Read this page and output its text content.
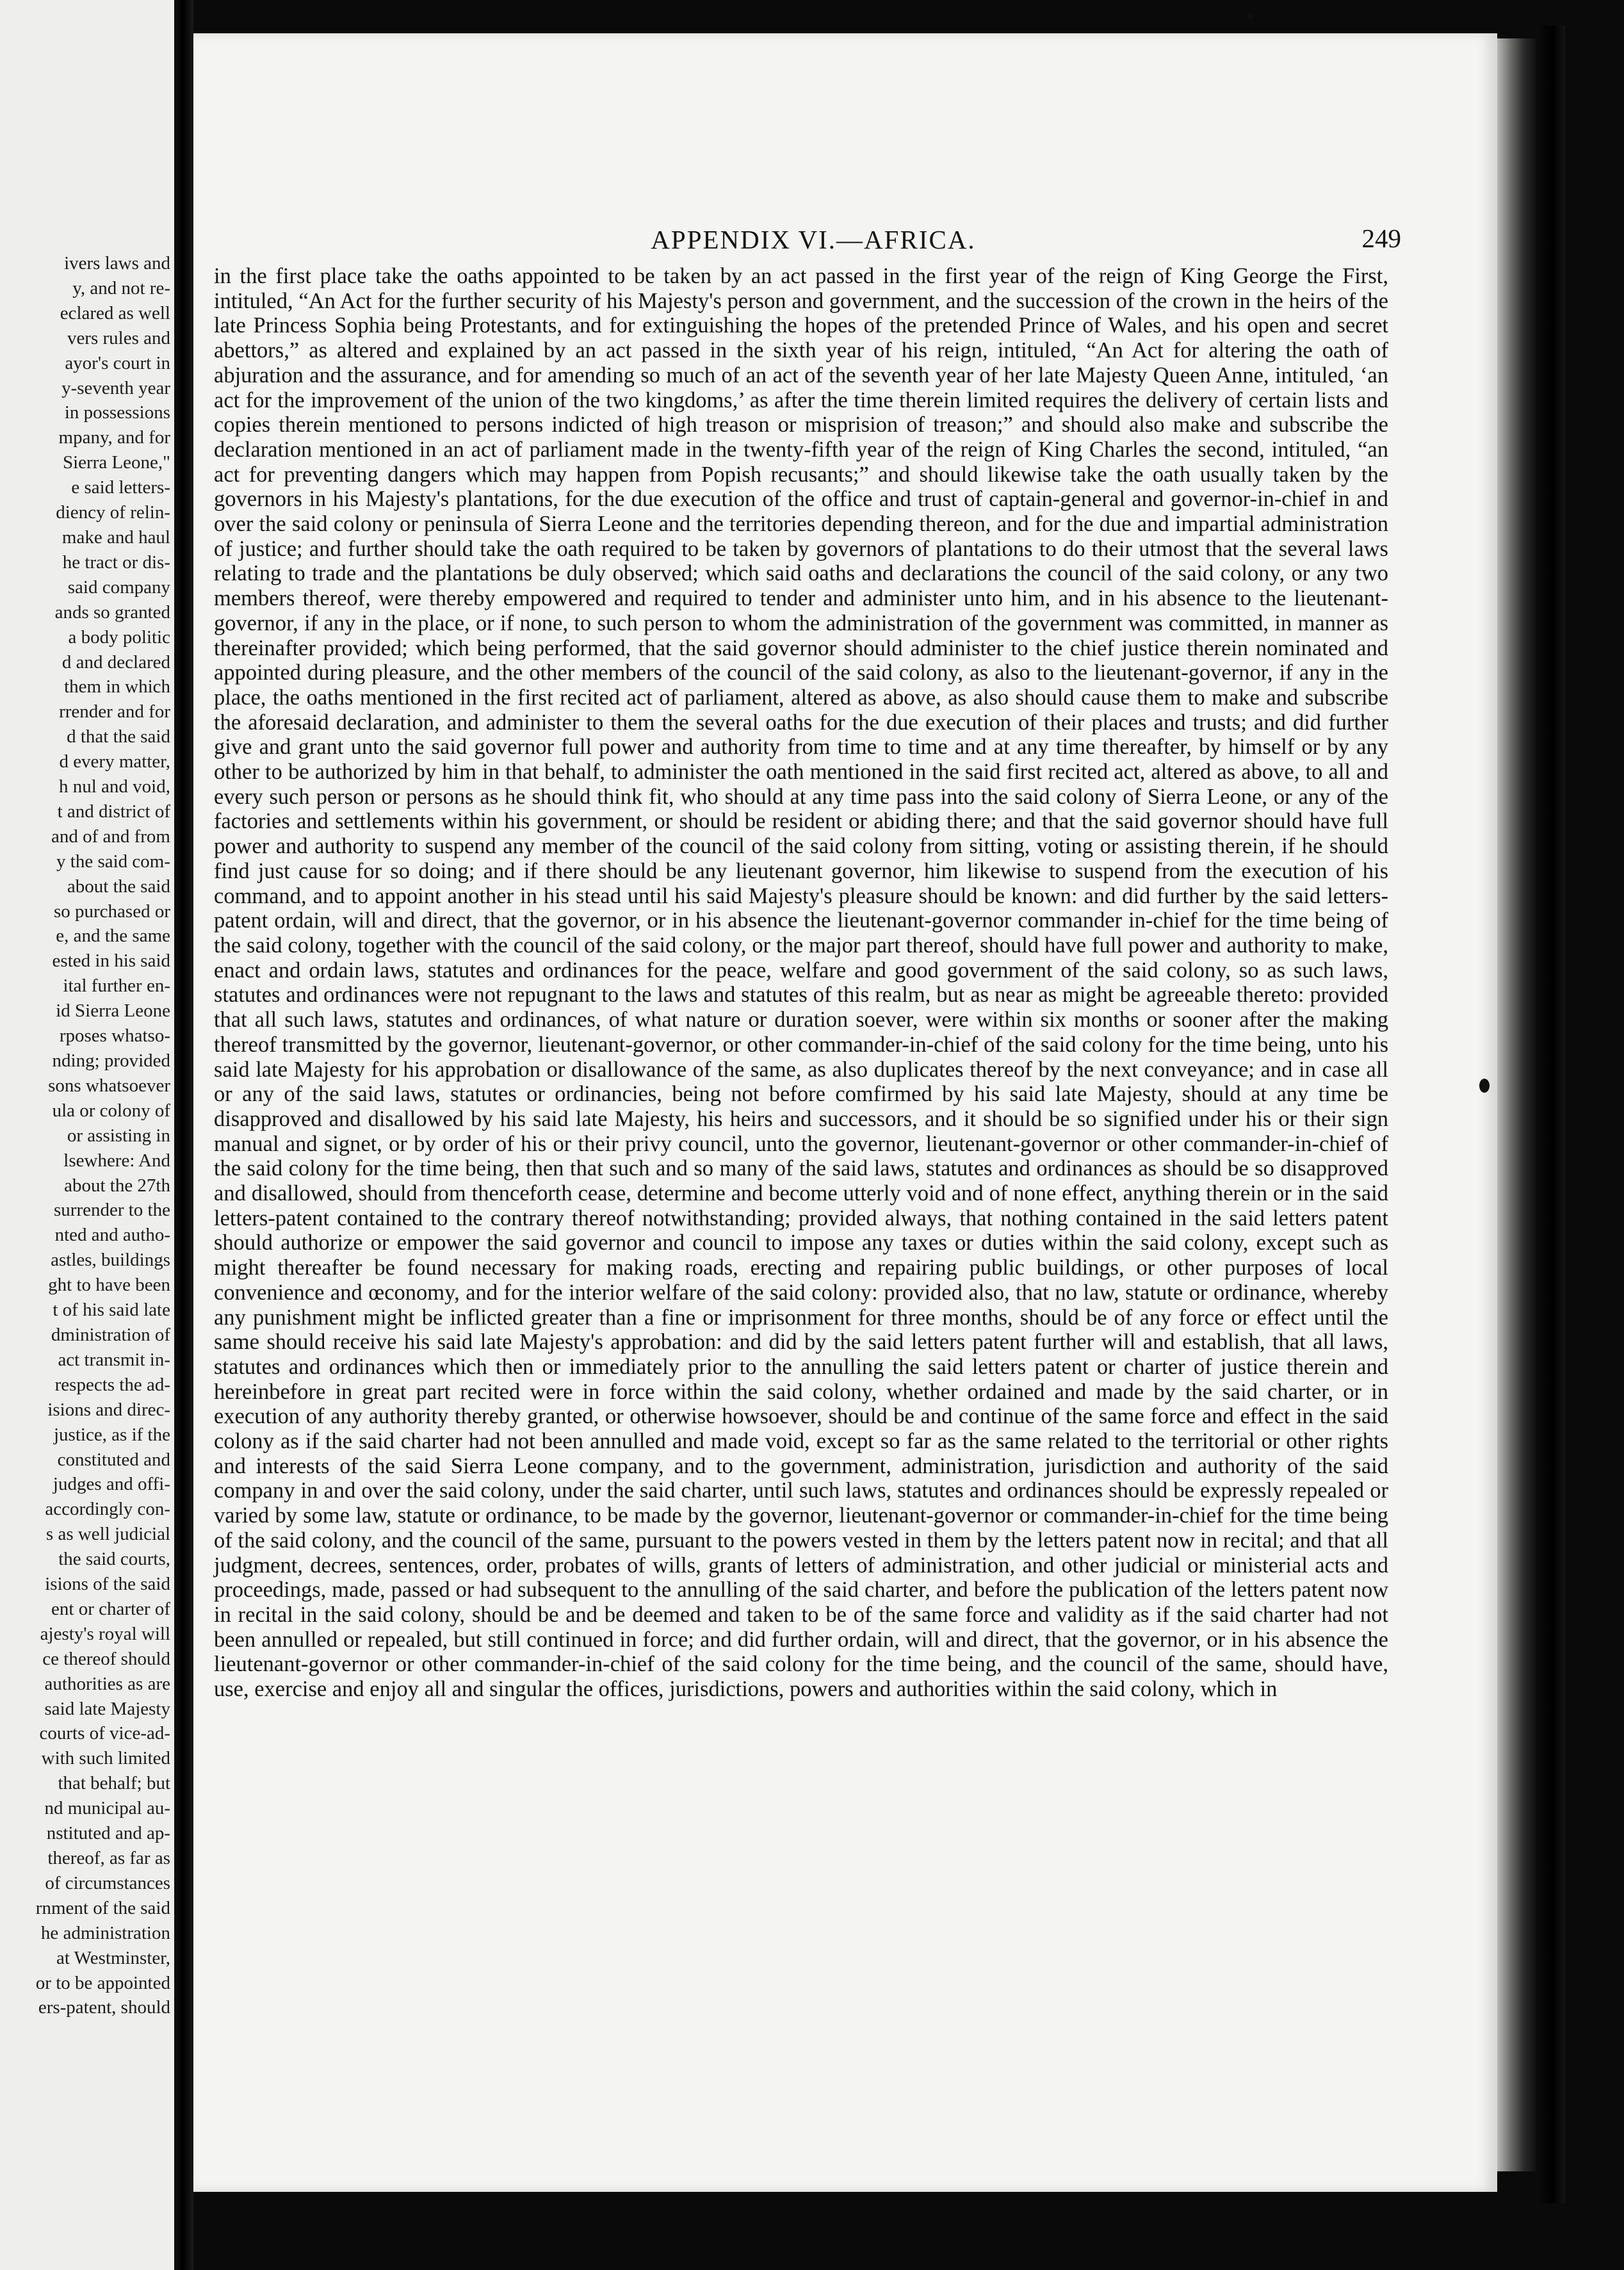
ivers laws and
y, and not re-
eclared as well
vers rules and
ayor's court in
y-seventh year
in possessions
mpany, and for
Sierra Leone,"
e said letters-
diency of relin-
make and haul
he tract or dis-
said company
ands so granted
a body politic
d and declared
them in which
rrender and for
d that the said
d every matter,
h nul and void,
t and district of
and of and from
y the said com-
about the said
so purchased or
e, and the same
ested in his said
ital further en-
id Sierra Leone
rposes whatso-
nding; provided
sons whatsoever
ula or colony of
or assisting in
lsewhere: And
about the 27th
surrender to the
nted and autho-
astles, buildings
ght to have been
t of his said late
dministration of
act transmit in-
respects the ad-
isions and direc-
justice, as if the
constituted and
judges and offi-
accordingly con-
s as well judicial
the said courts,
isions of the said
ent or charter of
ajesty's royal will
ce thereof should
authorities as are
said late Majesty
courts of vice-ad-
with such limited
that behalf; but
nd municipal au-
nstituted and ap-
thereof, as far as
of circumstances
rnment of the said
he administration
at Westminster,
or to be appointed
ers-patent, should
APPENDIX VI.—AFRICA.	249

in the first place take the oaths appointed to be taken by an act passed in the first year of the reign of King George the First, intituled, “An Act for the further security of his Majesty's person and government, and the succession of the crown in the heirs of the late Princess Sophia being Protestants, and for extinguishing the hopes of the pretended Prince of Wales, and his open and secret abettors,” as altered and explained by an act passed in the sixth year of his reign, intituled, “An Act for altering the oath of abjuration and the assurance, and for amending so much of an act of the seventh year of her late Majesty Queen Anne, intituled, ‘an act for the improvement of the union of the two kingdoms,’ as after the time therein limited requires the delivery of certain lists and copies therein mentioned to persons indicted of high treason or misprision of treason;” and should also make and subscribe the declaration mentioned in an act of parliament made in the twenty-fifth year of the reign of King Charles the second, intituled, “an act for preventing dangers which may happen from Popish recusants;” and should likewise take the oath usually taken by the governors in his Majesty's plantations, for the due execution of the office and trust of captain-general and governor-in-chief in and over the said colony or peninsula of Sierra Leone and the territories depending thereon, and for the due and impartial administration of justice; and further should take the oath required to be taken by governors of plantations to do their utmost that the several laws relating to trade and the plantations be duly observed; which said oaths and declarations the council of the said colony, or any two members thereof, were thereby empowered and required to tender and administer unto him, and in his absence to the lieutenant-governor, if any in the place, or if none, to such person to whom the administration of the government was committed, in manner as thereinafter provided; which being performed, that the said governor should administer to the chief justice therein nominated and appointed during pleasure, and the other members of the council of the said colony, as also to the lieutenant-governor, if any in the place, the oaths mentioned in the first recited act of parliament, altered as above, as also should cause them to make and subscribe the aforesaid declaration, and administer to them the several oaths for the due execution of their places and trusts; and did further give and grant unto the said governor full power and authority from time to time and at any time thereafter, by himself or by any other to be authorized by him in that behalf, to administer the oath mentioned in the said first recited act, altered as above, to all and every such person or persons as he should think fit, who should at any time pass into the said colony of Sierra Leone, or any of the factories and settlements within his government, or should be resident or abiding there; and that the said governor should have full power and authority to suspend any member of the council of the said colony from sitting, voting or assisting therein, if he should find just cause for so doing; and if there should be any lieutenant governor, him likewise to suspend from the execution of his command, and to appoint another in his stead until his said Majesty's pleasure should be known: and did further by the said letters-patent ordain, will and direct, that the governor, or in his absence the lieutenant-governor commander in-chief for the time being of the said colony, together with the council of the said colony, or the major part thereof, should have full power and authority to make, enact and ordain laws, statutes and ordinances for the peace, welfare and good government of the said colony, so as such laws, statutes and ordinances were not repugnant to the laws and statutes of this realm, but as near as might be agreeable thereto: provided that all such laws, statutes and ordinances, of what nature or duration soever, were within six months or sooner after the making thereof transmitted by the governor, lieutenant-governor, or other commander-in-chief of the said colony for the time being, unto his said late Majesty for his approbation or disallowance of the same, as also duplicates thereof by the next conveyance; and in case all or any of the said laws, statutes or ordinancies, being not before comfirmed by his said late Majesty, should at any time be disapproved and disallowed by his said late Majesty, his heirs and successors, and it should be so signified under his or their sign manual and signet, or by order of his or their privy council, unto the governor, lieutenant-governor or other commander-in-chief of the said colony for the time being, then that such and so many of the said laws, statutes and ordinances as should be so disapproved and disallowed, should from thenceforth cease, determine and become utterly void and of none effect, anything therein or in the said letters-patent contained to the contrary thereof notwithstanding; provided always, that nothing contained in the said letters patent should authorize or empower the said governor and council to impose any taxes or duties within the said colony, except such as might thereafter be found necessary for making roads, erecting and repairing public buildings, or other purposes of local convenience and œconomy, and for the interior welfare of the said colony: provided also, that no law, statute or ordinance, whereby any punishment might be inflicted greater than a fine or imprisonment for three months, should be of any force or effect until the same should receive his said late Majesty's approbation: and did by the said letters patent further will and establish, that all laws, statutes and ordinances which then or immediately prior to the annulling the said letters patent or charter of justice therein and hereinbefore in great part recited were in force within the said colony, whether ordained and made by the said charter, or in execution of any authority thereby granted, or otherwise howsoever, should be and continue of the same force and effect in the said colony as if the said charter had not been annulled and made void, except so far as the same related to the territorial or other rights and interests of the said Sierra Leone company, and to the government, administration, jurisdiction and authority of the said company in and over the said colony, under the said charter, until such laws, statutes and ordinances should be expressly repealed or varied by some law, statute or ordinance, to be made by the governor, lieutenant-governor or commander-in-chief for the time being of the said colony, and the council of the same, pursuant to the powers vested in them by the letters patent now in recital; and that all judgment, decrees, sentences, order, probates of wills, grants of letters of administration, and other judicial or ministerial acts and proceedings, made, passed or had subsequent to the annulling of the said charter, and before the publication of the letters patent now in recital in the said colony, should be and be deemed and taken to be of the same force and validity as if the said charter had not been annulled or repealed, but still continued in force; and did further ordain, will and direct, that the governor, or in his absence the lieutenant-governor or other commander-in-chief of the said colony for the time being, and the council of the same, should have, use, exercise and enjoy all and singular the offices, jurisdictions, powers and authorities within the said colony, which in
